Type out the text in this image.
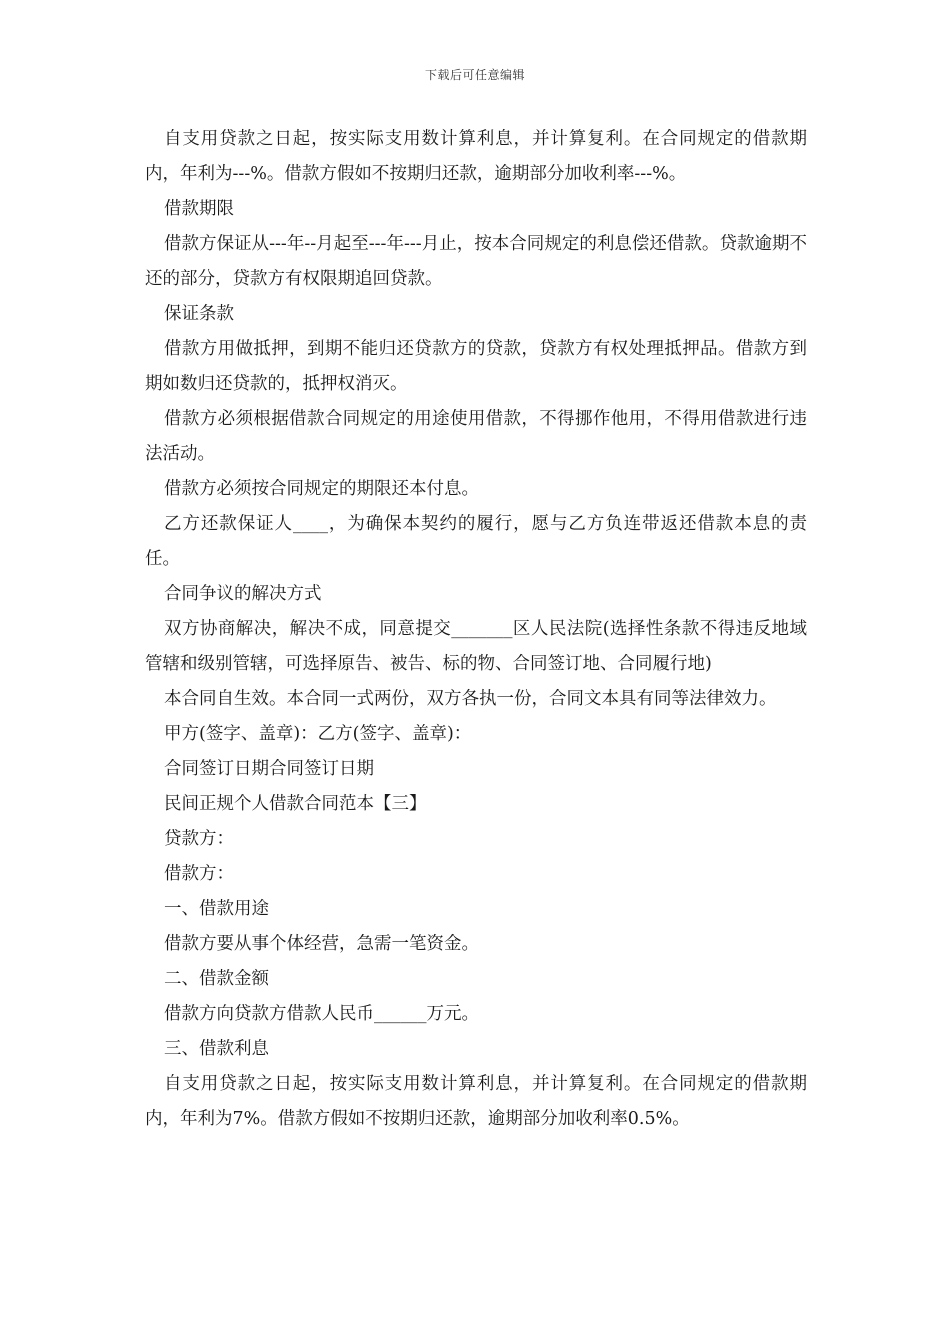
下载后可任意编辑

自支用贷款之日起，按实际支用数计算利息，并计算复利。在合同规定的借款期内，年利为---%。借款方假如不按期归还款，逾期部分加收利率---%。

借款期限

借款方保证从---年--月起至---年---月止，按本合同规定的利息偿还借款。贷款逾期不还的部分，贷款方有权限期追回贷款。

保证条款

借款方用做抵押，到期不能归还贷款方的贷款，贷款方有权处理抵押品。借款方到期如数归还贷款的，抵押权消灭。

借款方必须根据借款合同规定的用途使用借款，不得挪作他用，不得用借款进行违法活动。

借款方必须按合同规定的期限还本付息。

乙方还款保证人____，为确保本契约的履行，愿与乙方负连带返还借款本息的责任。

合同争议的解决方式

双方协商解决，解决不成，同意提交_______区人民法院(选择性条款不得违反地域管辖和级别管辖，可选择原告、被告、标的物、合同签订地、合同履行地)

本合同自生效。本合同一式两份，双方各执一份，合同文本具有同等法律效力。

甲方(签字、盖章)：乙方(签字、盖章)：

合同签订日期合同签订日期

民间正规个人借款合同范本【三】

贷款方：

借款方：

一、借款用途

借款方要从事个体经营，急需一笔资金。

二、借款金额

借款方向贷款方借款人民币______万元。

三、借款利息

自支用贷款之日起，按实际支用数计算利息，并计算复利。在合同规定的借款期内，年利为7%。借款方假如不按期归还款，逾期部分加收利率0.5%。
